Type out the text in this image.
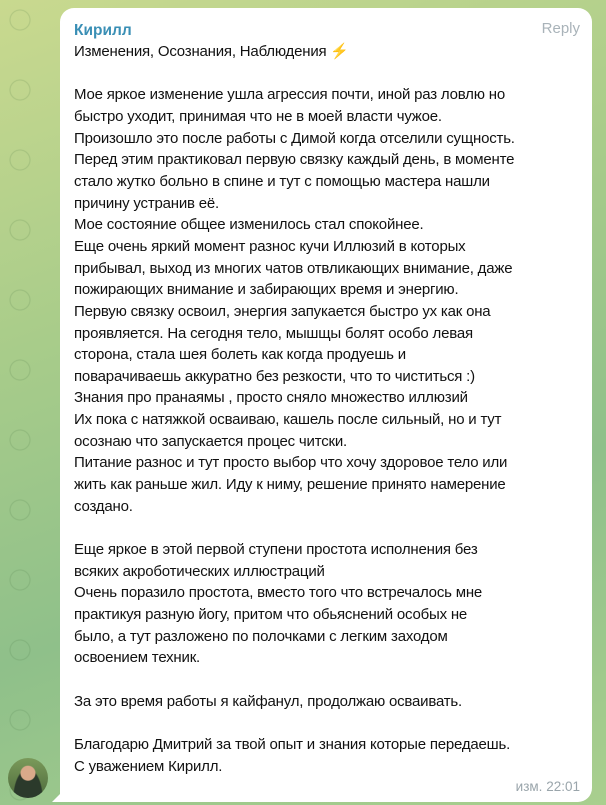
Кирилл	Reply
Изменения, Осознания, Наблюдения ⚡
Мое яркое изменение ушла агрессия почти, иной раз ловлю но
быстро уходит, принимая что не в моей власти чужое.
Произошло это после работы с Димой когда отселили сущность.
Перед этим практиковал первую связку каждый день, в моменте
стало жутко больно в спине и тут с помощью мастера нашли
причину устранив её.
Мое состояние общее изменилось стал спокойнее.
Еще очень яркий момент разнос кучи Иллюзий в которых
прибывал, выход из многих чатов отвликающих внимание, даже
пожирающих внимание и забирающих время и энергию.
Первую связку освоил, энергия запукается быстро ух как она
проявляется. На сегодня тело, мышщы болят особо левая
сторона, стала шея болеть как когда продуешь и
поварачиваешь аккуратно без резкости, что то чиститься :)
Знания про пранаямы , просто сняло множество иллюзий
Их пока с натяжкой осваиваю, кашель после сильный, но и тут
осознаю что запускается процес читски.
Питание разнос и тут просто выбор что хочу здоровое тело или
жить как раньше жил. Иду к ниму, решение принято намерение
создано.
Еще яркое в этой первой ступени простота исполнения без
всяких акроботических иллюстраций
Очень поразило простота, вместо того что встречалось мне
практикуя разную йогу, притом что обьяснений особых не
было, а тут разложено по полочками с легким заходом
освоением техник.
За это время работы я кайфанул, продолжаю осваивать.
Благодарю Дмитрий за твой опыт и знания которые передаешь.
С уважением Кирилл.
изм. 22:01
